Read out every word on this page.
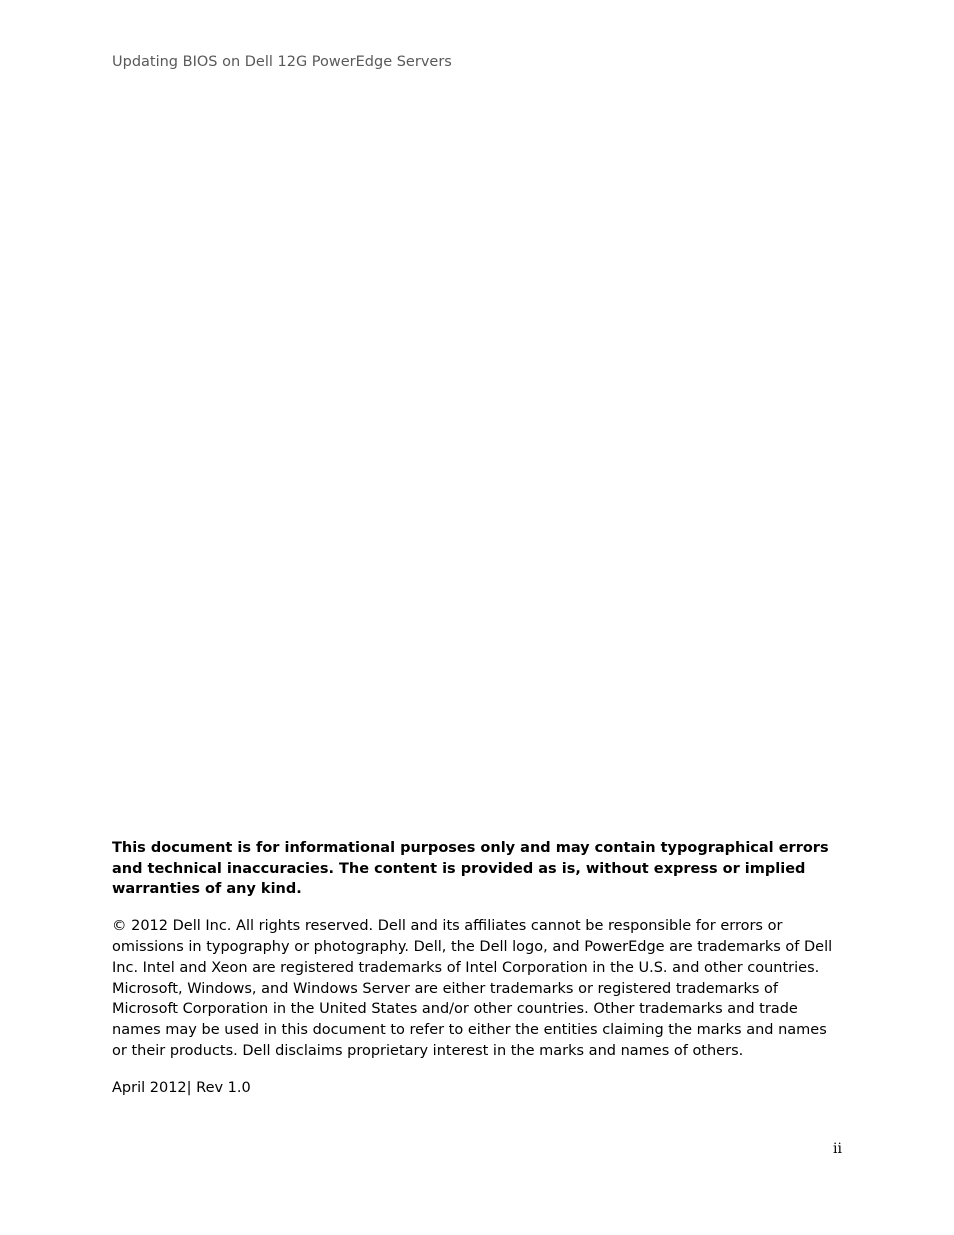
Updating BIOS on Dell 12G PowerEdge Servers

This document is for informational purposes only and may contain typographical errors and technical inaccuracies. The content is provided as is, without express or implied warranties of any kind.

© 2012 Dell Inc. All rights reserved. Dell and its affiliates cannot be responsible for errors or omissions in typography or photography. Dell, the Dell logo, and PowerEdge are trademarks of Dell Inc. Intel and Xeon are registered trademarks of Intel Corporation in the U.S. and other countries. Microsoft, Windows, and Windows Server are either trademarks or registered trademarks of Microsoft Corporation in the United States and/or other countries. Other trademarks and trade names may be used in this document to refer to either the entities claiming the marks and names or their products. Dell disclaims proprietary interest in the marks and names of others.

April 2012| Rev 1.0

ii
